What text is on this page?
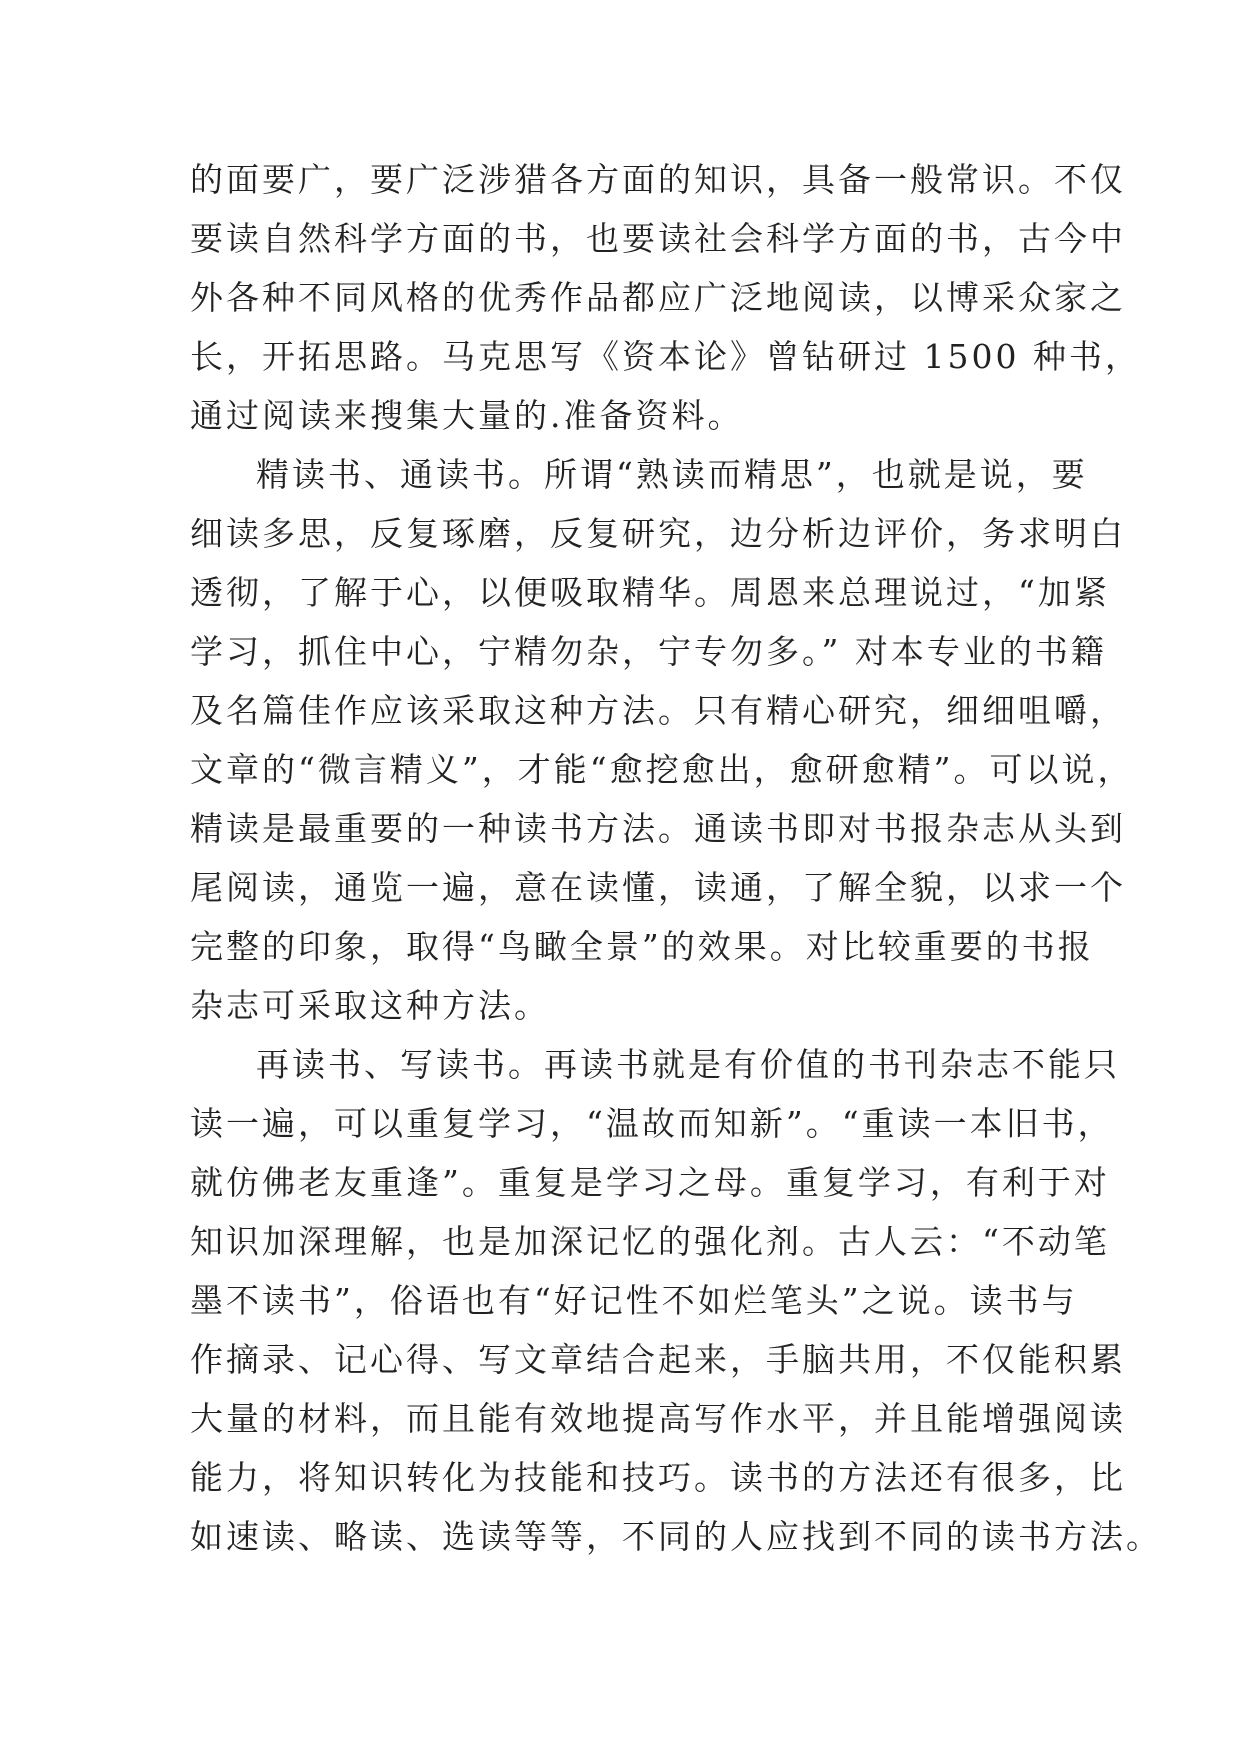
的面要广，要广泛涉猎各方面的知识，具备一般常识。不仅
要读自然科学方面的书，也要读社会科学方面的书，古今中
外各种不同风格的优秀作品都应广泛地阅读，以博采众家之
长，开拓思路。马克思写《资本论》曾钻研过 1500 种书，
通过阅读来搜集大量的.准备资料。
精读书、通读书。所谓“熟读而精思”，也就是说，要
细读多思，反复琢磨，反复研究，边分析边评价，务求明白
透彻，了解于心，以便吸取精华。周恩来总理说过，“加紧
学习，抓住中心，宁精勿杂，宁专勿多。” 对本专业的书籍
及名篇佳作应该采取这种方法。只有精心研究，细细咀嚼，
文章的“微言精义”，才能“愈挖愈出，愈研愈精”。可以说，
精读是最重要的一种读书方法。通读书即对书报杂志从头到
尾阅读，通览一遍，意在读懂，读通，了解全貌，以求一个
完整的印象，取得“鸟瞰全景”的效果。对比较重要的书报
杂志可采取这种方法。
再读书、写读书。再读书就是有价值的书刊杂志不能只
读一遍，可以重复学习，“温故而知新”。“重读一本旧书，
就仿佛老友重逢”。重复是学习之母。重复学习，有利于对
知识加深理解，也是加深记忆的强化剂。古人云：“不动笔
墨不读书”，俗语也有“好记性不如烂笔头”之说。读书与
作摘录、记心得、写文章结合起来，手脑共用，不仅能积累
大量的材料，而且能有效地提高写作水平，并且能增强阅读
能力，将知识转化为技能和技巧。读书的方法还有很多，比
如速读、略读、选读等等，不同的人应找到不同的读书方法。
